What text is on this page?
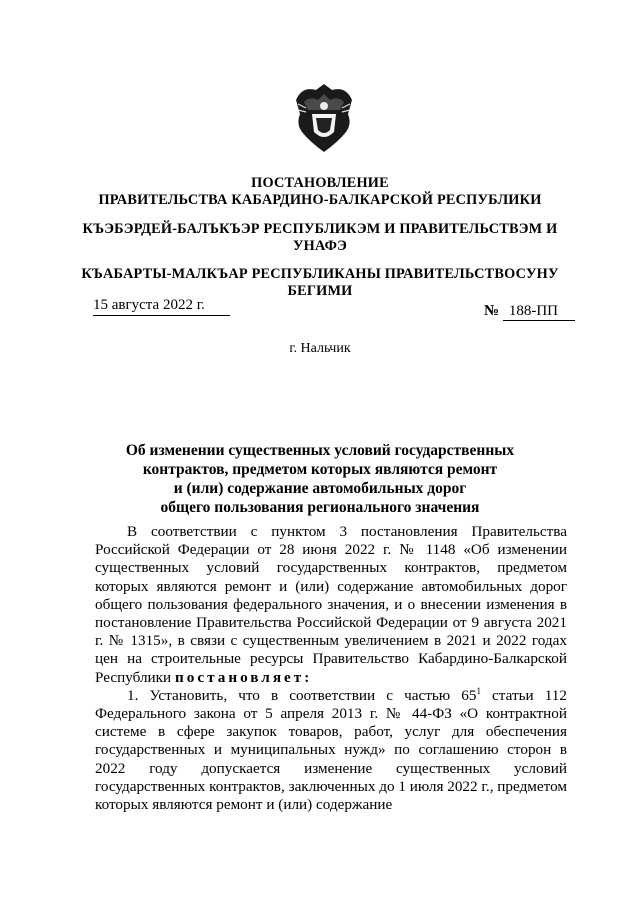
ПОСТАНОВЛЕНИЕ
ПРАВИТЕЛЬСТВА КАБАРДИНО-БАЛКАРСКОЙ РЕСПУБЛИКИ
КЪЭБЭРДЕЙ-БАЛЪКЪЭР РЕСПУБЛИКЭМ И ПРАВИТЕЛЬСТВЭМ И
УНАФЭ
КЪАБАРТЫ-МАЛКЪАР РЕСПУБЛИКАНЫ ПРАВИТЕЛЬСТВОСУНУ
БЕГИМИ
15 августа 2022 г.	№ 188-ПП
г. Нальчик
Об изменении существенных условий государственных
контрактов, предметом которых являются ремонт
и (или) содержание автомобильных дорог
общего пользования регионального значения

В соответствии с пунктом 3 постановления Правительства Российской Федерации от 28 июня 2022 г. № 1148 «Об изменении существенных условий государственных контрактов, предметом которых являются ремонт и (или) содержание автомобильных дорог общего пользования федерального значения, и о внесении изменения в постановление Правительства Российской Федерации от 9 августа 2021 г. № 1315», в связи с существенным увеличением в 2021 и 2022 годах цен на строительные ресурсы Правительство Кабардино-Балкарской Республики постановляет:

1. Установить, что в соответствии с частью $65^1$ статьи 112 Федерального закона от 5 апреля 2013 г. № 44-ФЗ «О контрактной системе в сфере закупок товаров, работ, услуг для обеспечения государственных и муниципальных нужд» по соглашению сторон в 2022 году допускается изменение существенных условий государственных контрактов, заключенных до 1 июля 2022 г., предметом которых являются ремонт и (или) содержание
